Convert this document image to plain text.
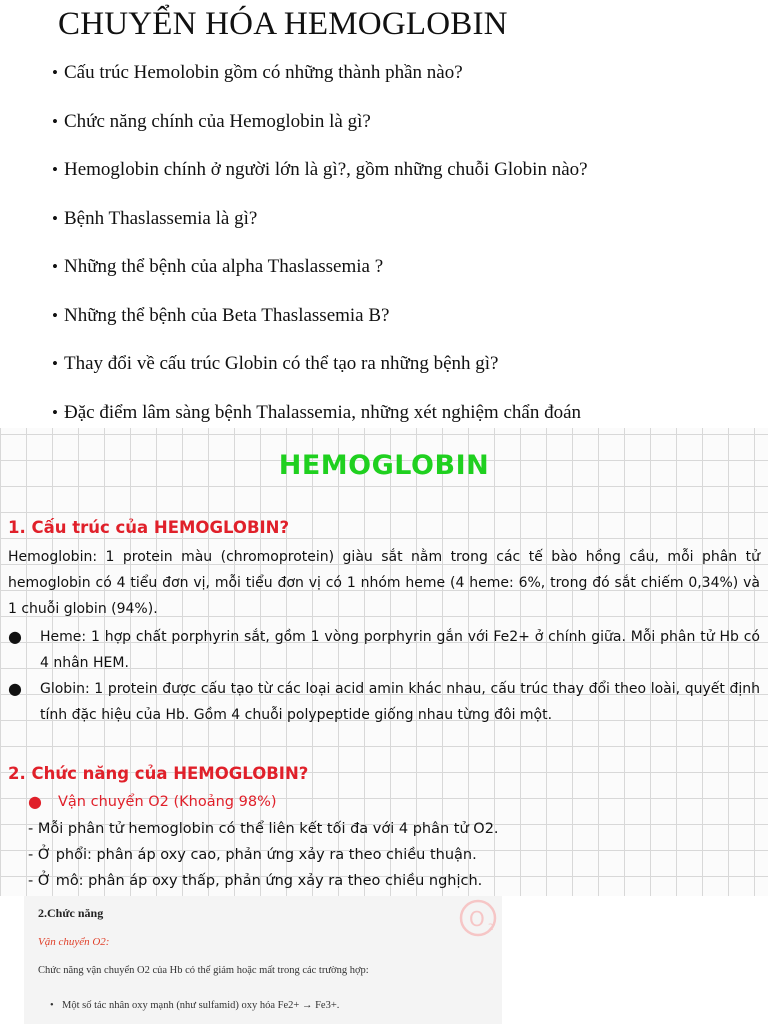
CHUYỂN HÓA HEMOGLOBIN
• Cấu trúc Hemolobin gồm có những thành phần nào?
• Chức năng chính của Hemoglobin là gì?
• Hemoglobin chính ở người lớn là gì?, gồm những chuỗi Globin nào?
• Bệnh Thaslassemia là gì?
• Những thể bệnh của alpha Thaslassemia ?
• Những thể bệnh của Beta Thaslassemia B?
• Thay đổi về cấu trúc Globin có thể tạo ra những bệnh gì?
• Đặc điểm lâm sàng bệnh Thalassemia, những xét nghiệm chẩn đoán
HEMOGLOBIN
1. Cấu trúc của HEMOGLOBIN?

Hemoglobin: 1 protein màu (chromoprotein) giàu sắt nằm trong các tế bào hồng cầu, mỗi phân tử hemoglobin có 4 tiểu đơn vị, mỗi tiểu đơn vị có 1 nhóm heme (4 heme: 6%, trong đó sắt chiếm 0,34%) và 1 chuỗi globin (94%).

● Heme: 1 hợp chất porphyrin sắt, gồm 1 vòng porphyrin gắn với Fe2+ ở chính giữa. Mỗi phân tử Hb có 4 nhân HEM.
● Globin: 1 protein được cấu tạo từ các loại acid amin khác nhau, cấu trúc thay đổi theo loài, quyết định tính đặc hiệu của Hb. Gồm 4 chuỗi polypeptide giống nhau từng đôi một.
2. Chức năng của HEMOGLOBIN?
● Vận chuyển O2 (Khoảng 98%)
- Mỗi phân tử hemoglobin có thể liên kết tối đa với 4 phân tử O2.
- Ở phổi: phân áp oxy cao, phản ứng xảy ra theo chiều thuận.
- Ở mô: phân áp oxy thấp, phản ứng xảy ra theo chiều nghịch.
O 2
2.Chức năng
Vận chuyển O2:
Chức năng vận chuyển O2 của Hb có thể giảm hoặc mất trong các trường hợp:
• Một số tác nhân oxy mạnh (như sulfamid) oxy hóa Fe2+ → Fe3+.
